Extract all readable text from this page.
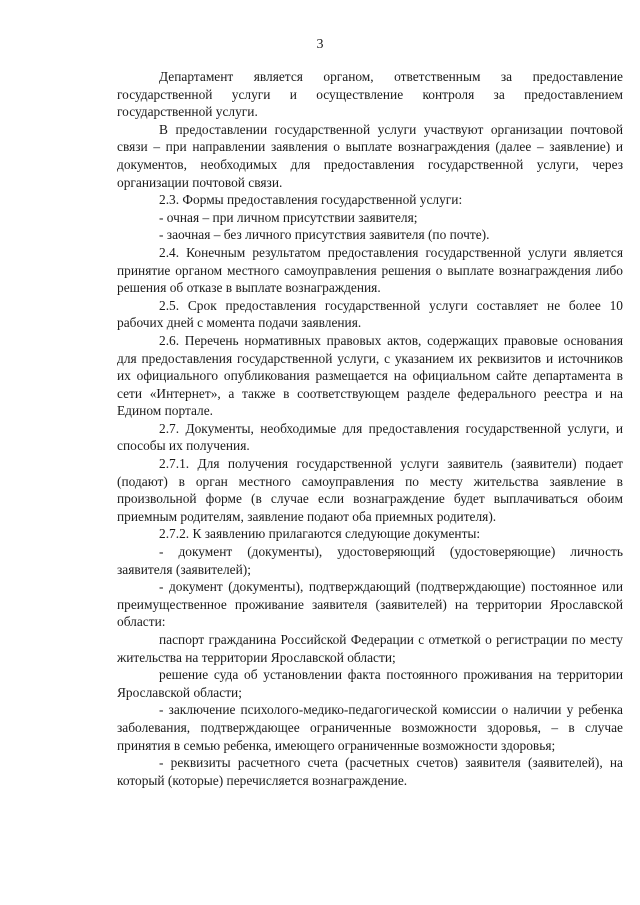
3

Департамент является органом, ответственным за предоставление государственной услуги и осуществление контроля за предоставлением государственной услуги.

В предоставлении государственной услуги участвуют организации почтовой связи – при направлении заявления о выплате вознаграждения (далее – заявление) и документов, необходимых для предоставления государственной услуги, через организации почтовой связи.

2.3. Формы предоставления государственной услуги:

- очная – при личном присутствии заявителя;

- заочная – без личного присутствия заявителя (по почте).

2.4. Конечным результатом предоставления государственной услуги является принятие органом местного самоуправления решения о выплате вознаграждения либо решения об отказе в выплате вознаграждения.

2.5. Срок предоставления государственной услуги составляет не более 10 рабочих дней с момента подачи заявления.

2.6. Перечень нормативных правовых актов, содержащих правовые основания для предоставления государственной услуги, с указанием их реквизитов и источников их официального опубликования размещается на официальном сайте департамента в сети «Интернет», а также в соответствующем разделе федерального реестра и на Едином портале.

2.7. Документы, необходимые для предоставления государственной услуги, и способы их получения.

2.7.1. Для получения государственной услуги заявитель (заявители) подает (подают) в орган местного самоуправления по месту жительства заявление в произвольной форме (в случае если вознаграждение будет выплачиваться обоим приемным родителям, заявление подают оба приемных родителя).

2.7.2. К заявлению прилагаются следующие документы:

- документ (документы), удостоверяющий (удостоверяющие) личность заявителя (заявителей);

- документ (документы), подтверждающий (подтверждающие) постоянное или преимущественное проживание заявителя (заявителей) на территории Ярославской области:

паспорт гражданина Российской Федерации с отметкой о регистрации по месту жительства на территории Ярославской области;

решение суда об установлении факта постоянного проживания на территории Ярославской области;

- заключение психолого-медико-педагогической комиссии о наличии у ребенка заболевания, подтверждающее ограниченные возможности здоровья, – в случае принятия в семью ребенка, имеющего ограниченные возможности здоровья;

- реквизиты расчетного счета (расчетных счетов) заявителя (заявителей), на который (которые) перечисляется вознаграждение.
